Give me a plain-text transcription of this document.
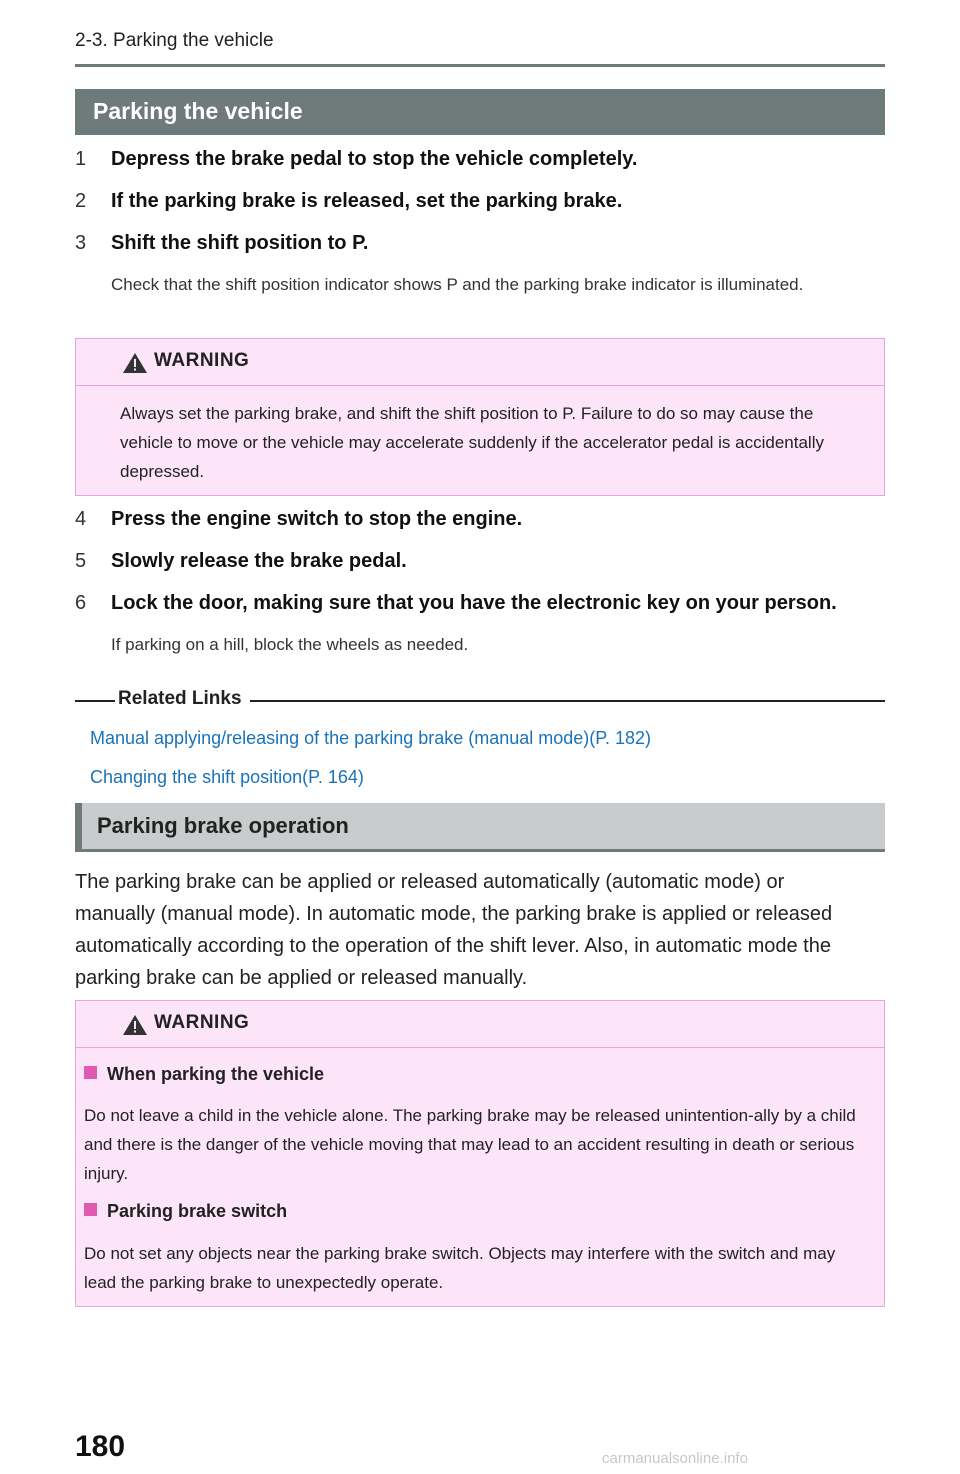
2-3. Parking the vehicle
Parking the vehicle
1	Depress the brake pedal to stop the vehicle completely.
2	If the parking brake is released, set the parking brake.
3	Shift the shift position to P.
Check that the shift position indicator shows P and the parking brake indicator is illuminated.
WARNING
Always set the parking brake, and shift the shift position to P. Failure to do so may cause the vehicle to move or the vehicle may accelerate suddenly if the accelerator pedal is accidentally depressed.
4	Press the engine switch to stop the engine.
5	Slowly release the brake pedal.
6	Lock the door, making sure that you have the electronic key on your person.
If parking on a hill, block the wheels as needed.
Related Links
Manual applying/releasing of the parking brake (manual mode)(P. 182)
Changing the shift position(P. 164)
Parking brake operation
The parking brake can be applied or released automatically (automatic mode) or manually (manual mode). In automatic mode, the parking brake is applied or released automatically according to the operation of the shift lever. Also, in automatic mode the parking brake can be applied or released manually.
WARNING
When parking the vehicle
Do not leave a child in the vehicle alone. The parking brake may be released unintention-ally by a child and there is the danger of the vehicle moving that may lead to an accident resulting in death or serious injury.
Parking brake switch
Do not set any objects near the parking brake switch. Objects may interfere with the switch and may lead the parking brake to unexpectedly operate.
180	carmanualsonline.info
